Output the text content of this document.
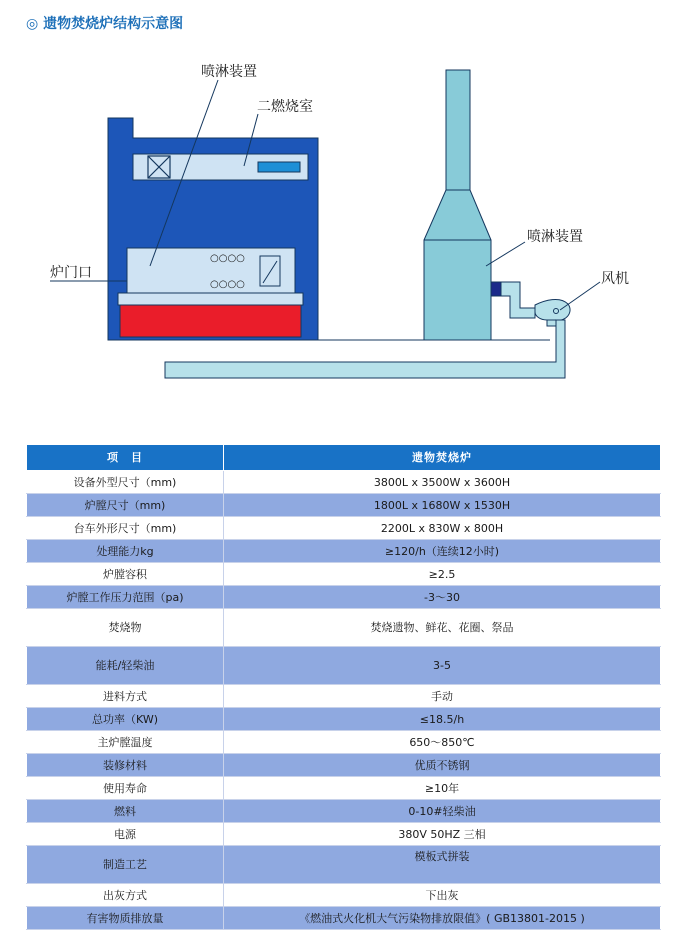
◎ 遗物焚烧炉结构示意图
○○○○
○○○○
喷淋装置
二燃烧室
炉门口
喷淋装置
风机
项　目	遗物焚烧炉
设备外型尺寸（mm)	3800L x 3500W x 3600H
炉膛尺寸（mm)	1800L x 1680W x 1530H
台车外形尺寸（mm)	2200L x 830W x 800H
处理能力kg	≥120/h（连续12小时)
炉膛容积	≥2.5
炉膛工作压力范围（pa)	-3～30
焚烧物	焚烧遗物、鲜花、花圈、祭品
能耗/轻柴油	3-5
进料方式	手动
总功率（KW)	≤18.5/h
主炉膛温度	650～850℃
装修材料	优质不锈钢
使用寿命	≥10年
燃料	0-10#轻柴油
电源	380V 50HZ 三相
制造工艺	模板式拼装
出灰方式	下出灰
有害物质排放量	《燃油式火化机大气污染物排放限值》( GB13801-2015 )
